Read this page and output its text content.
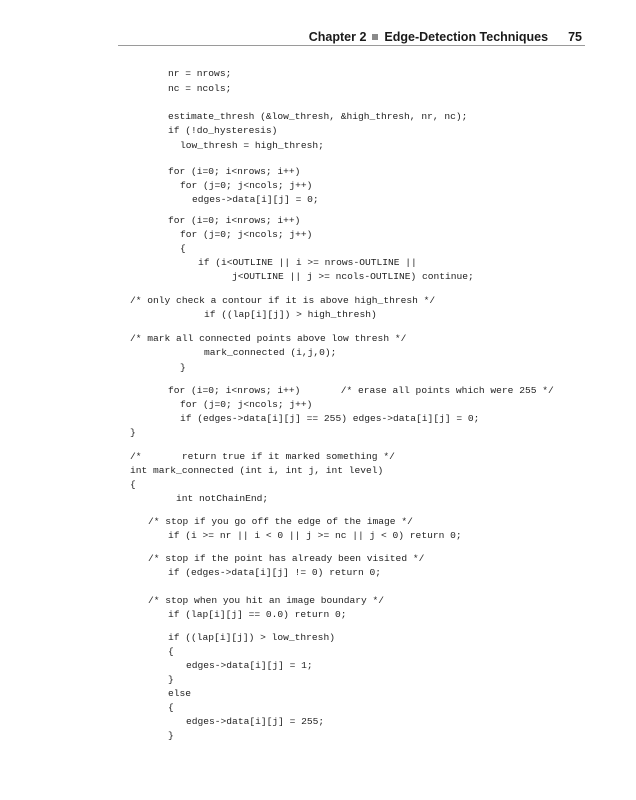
Chapter 2 Edge-Detection Techniques 75
nr = nrows;
nc = ncols;
estimate_thresh (&low_thresh, &high_thresh, nr, nc);
if (!do_hysteresis)
low_thresh = high_thresh;
for (i=0; i<nrows; i++)
for (j=0; j<ncols; j++)
edges->data[i][j] = 0;
for (i=0; i<nrows; i++)
for (j=0; j<ncols; j++)
{
if (i<OUTLINE || i >= nrows-OUTLINE ||
j<OUTLINE || j >= ncols-OUTLINE) continue;
/* only check a contour if it is above high_thresh */
if ((lap[i][j]) > high_thresh)
/* mark all connected points above low thresh */
mark_connected (i,j,0);
}
for (i=0; i<nrows; i++)       /* erase all points which were 255 */
for (j=0; j<ncols; j++)
if (edges->data[i][j] == 255) edges->data[i][j] = 0;
}
/*       return true if it marked something */
int mark_connected (int i, int j, int level)
{
int notChainEnd;
/* stop if you go off the edge of the image */
if (i >= nr || i < 0 || j >= nc || j < 0) return 0;
/* stop if the point has already been visited */
if (edges->data[i][j] != 0) return 0;
/* stop when you hit an image boundary */
if (lap[i][j] == 0.0) return 0;
if ((lap[i][j]) > low_thresh)
{
edges->data[i][j] = 1;
}
else
{
edges->data[i][j] = 255;
}
